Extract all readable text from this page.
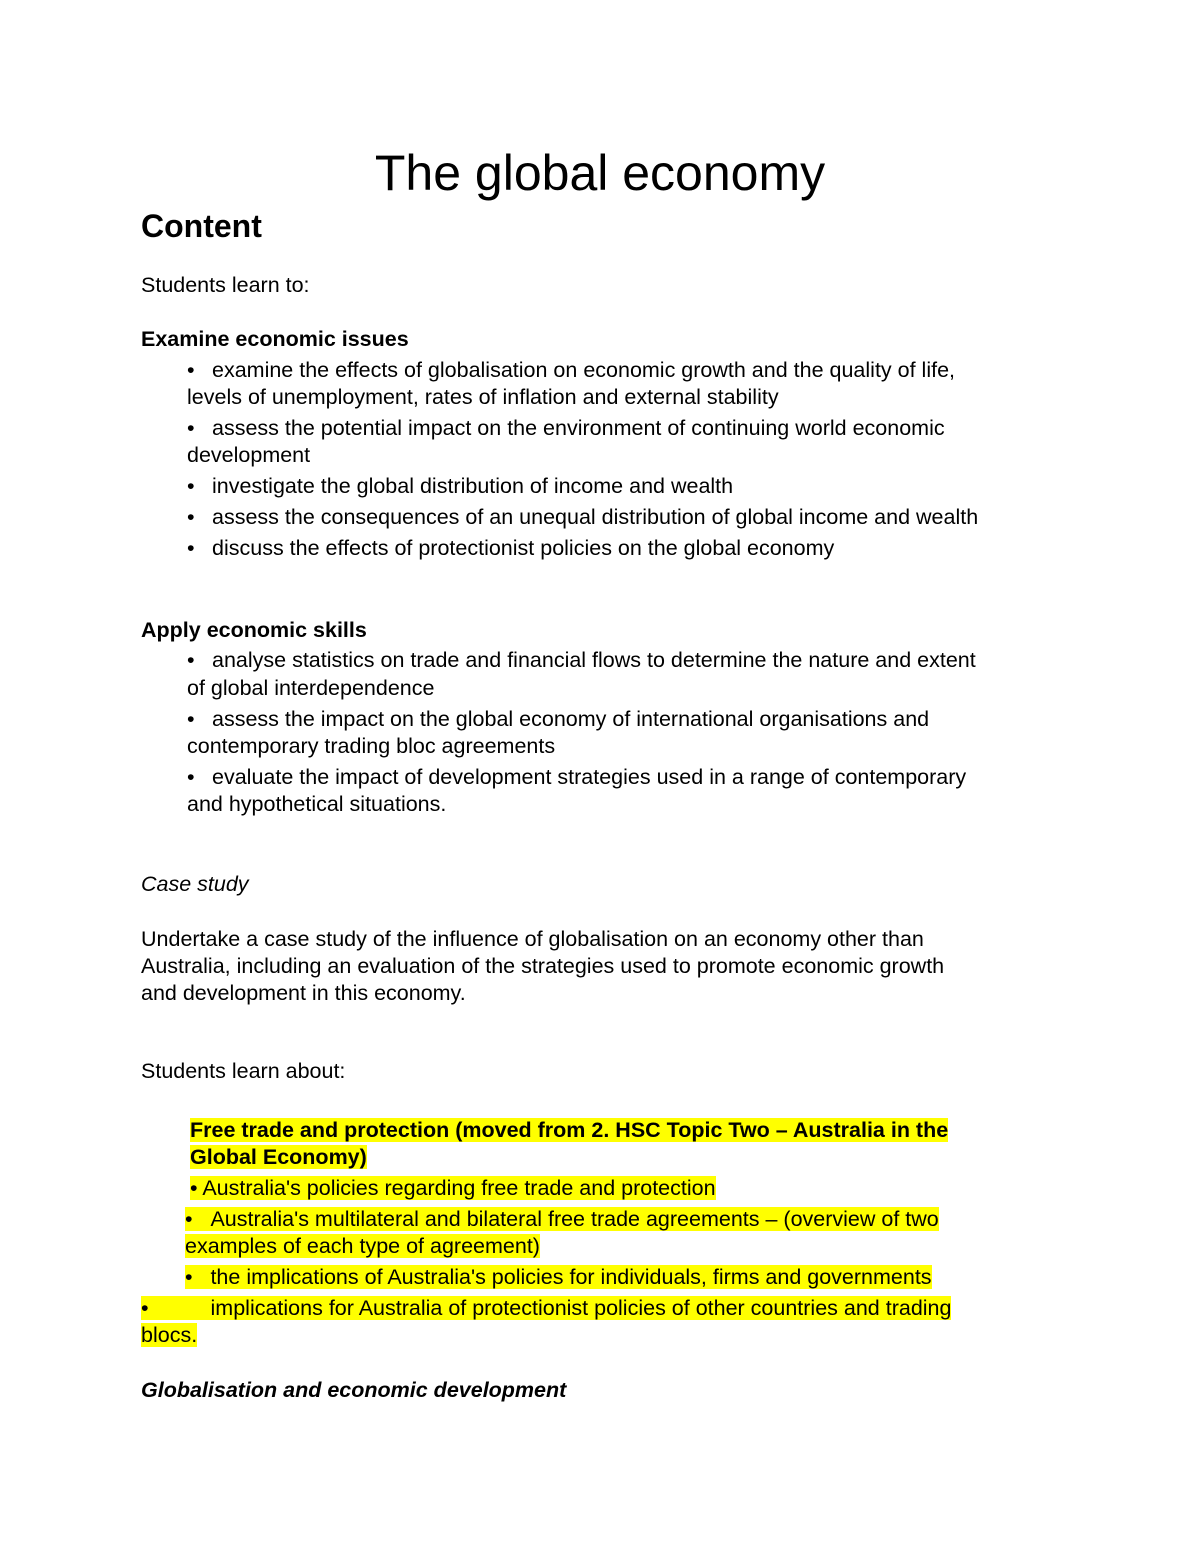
The global economy
Content

Students learn to:

Examine economic issues

• examine the effects of globalisation on economic growth and the quality of life,

levels of unemployment, rates of inflation and external stability

• assess the potential impact on the environment of continuing world economic

development

• investigate the global distribution of income and wealth

• assess the consequences of an unequal distribution of global income and wealth

• discuss the effects of protectionist policies on the global economy

Apply economic skills

• analyse statistics on trade and financial flows to determine the nature and extent

of global interdependence

• assess the impact on the global economy of international organisations and

contemporary trading bloc agreements

• evaluate the impact of development strategies used in a range of contemporary

and hypothetical situations.

Case study

Undertake a case study of the influence of globalisation on an economy other than

Australia, including an evaluation of the strategies used to promote economic growth

and development in this economy.

Students learn about:

Free trade and protection (moved from 2. HSC Topic Two – Australia in the

Global Economy)

• Australia's policies regarding free trade and protection

• Australia's multilateral and bilateral free trade agreements – (overview of two

examples of each type of agreement)

• the implications of Australia's policies for individuals, firms and governments

•	implications for Australia of protectionist policies of other countries and trading

blocs.

Globalisation and economic development
